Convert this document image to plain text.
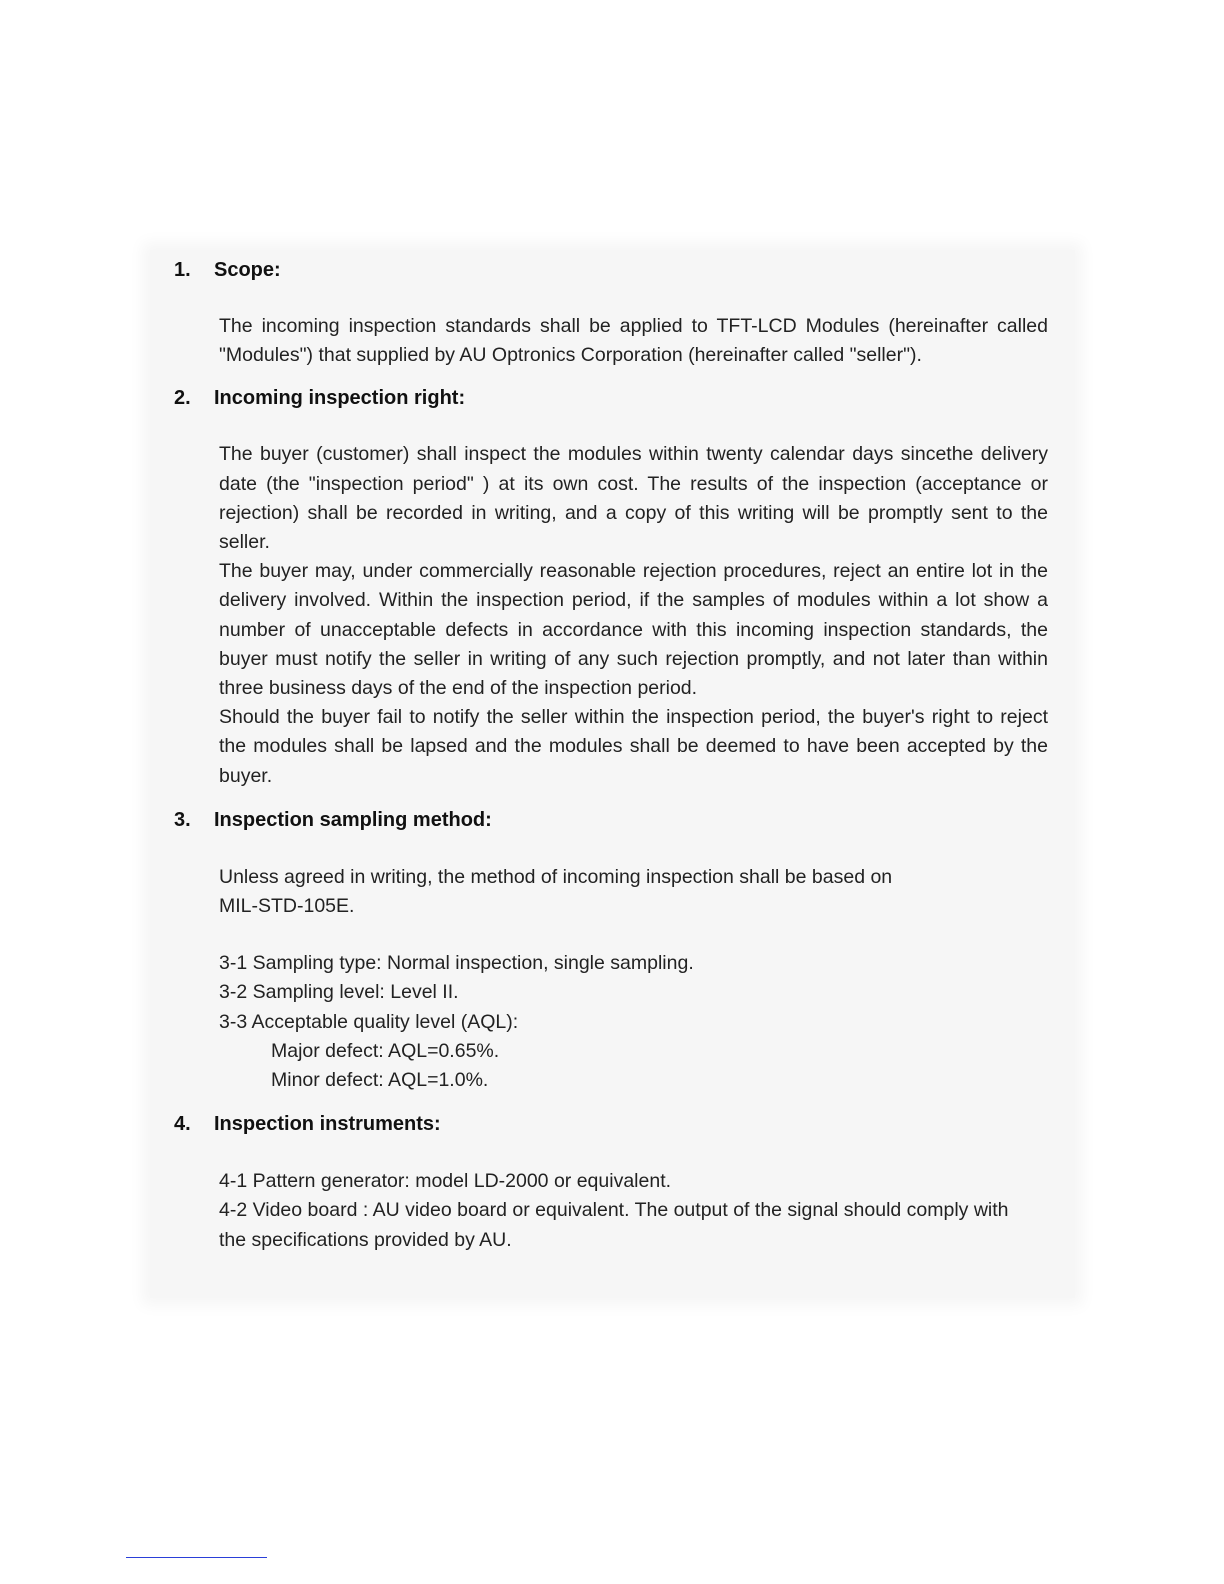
1. Scope:

The incoming inspection standards shall be applied to TFT-LCD Modules (hereinafter called "Modules") that supplied by AU Optronics Corporation (hereinafter called "seller").

2. Incoming inspection right:

The buyer (customer) shall inspect the modules within twenty calendar days sincethe delivery date (the "inspection period" ) at its own cost. The results of the inspection (acceptance or rejection) shall be recorded in writing, and a copy of this writing will be promptly sent to the seller.

The buyer may, under commercially reasonable rejection procedures, reject an entire lot in the delivery involved. Within the inspection period, if the samples of modules within a lot show a number of unacceptable defects in accordance with this incoming inspection standards, the buyer must notify the seller in writing of any such rejection promptly, and not later than within three business days of the end of the inspection period.

Should the buyer fail to notify the seller within the inspection period, the buyer's right to reject the modules shall be lapsed and the modules shall be deemed to have been accepted by the buyer.

3. Inspection sampling method:

Unless agreed in writing, the method of incoming inspection shall be based on

MIL-STD-105E.

3-1 Sampling type: Normal inspection, single sampling.

3-2 Sampling level: Level II.

3-3 Acceptable quality level (AQL):

Major defect: AQL=0.65%.

Minor defect: AQL=1.0%.

4. Inspection instruments:

4-1 Pattern generator: model LD-2000 or equivalent.

4-2 Video board : AU video board or equivalent. The output of the signal should comply with the specifications provided by AU.
